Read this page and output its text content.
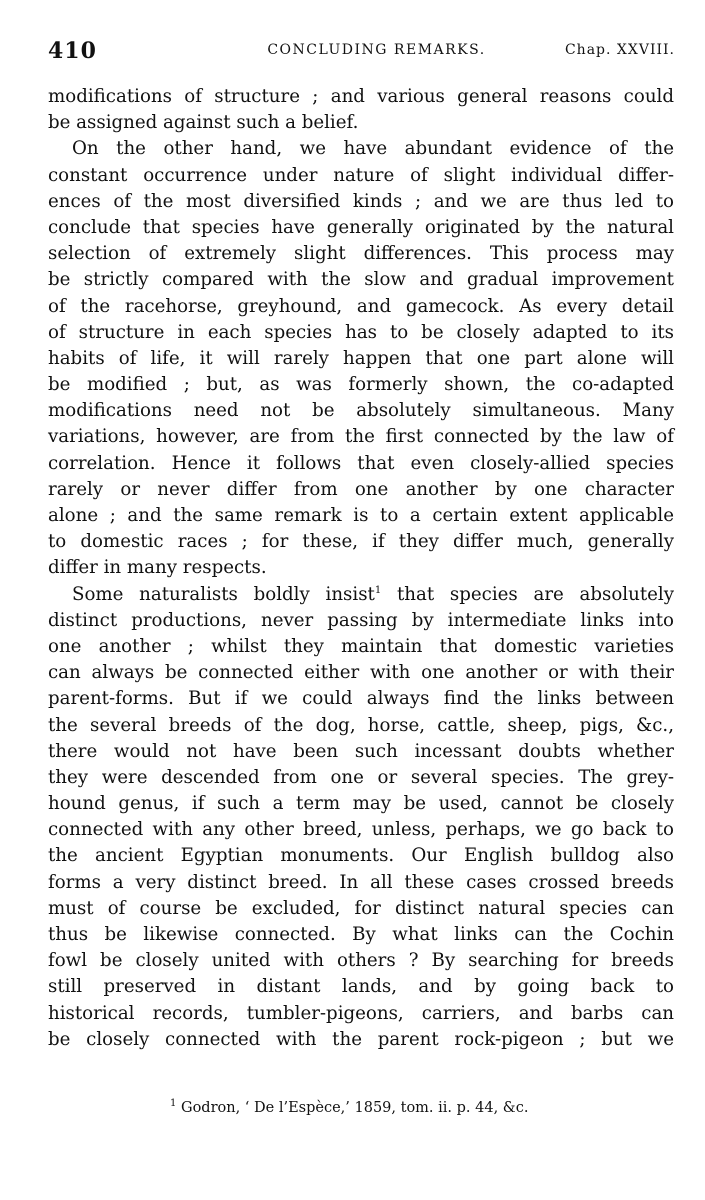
410	CONCLUDING REMARKS.	Chap. XXVIII.
modifications of structure ; and various general reasons could
be assigned against such a belief.
On the other hand, we have abundant evidence of the
constant occurrence under nature of slight individual differ-
ences of the most diversified kinds ; and we are thus led to
conclude that species have generally originated by the natural
selection of extremely slight differences. This process may
be strictly compared with the slow and gradual improvement
of the racehorse, greyhound, and gamecock. As every detail
of structure in each species has to be closely adapted to its
habits of life, it will rarely happen that one part alone will
be modified ; but, as was formerly shown, the co-adapted
modifications need not be absolutely simultaneous. Many
variations, however, are from the first connected by the law of
correlation. Hence it follows that even closely-allied species
rarely or never differ from one another by one character
alone ; and the same remark is to a certain extent applicable
to domestic races ; for these, if they differ much, generally
differ in many respects.
Some naturalists boldly insist$^1$ that species are absolutely
distinct productions, never passing by intermediate links into
one another ; whilst they maintain that domestic varieties
can always be connected either with one another or with their
parent-forms. But if we could always find the links between
the several breeds of the dog, horse, cattle, sheep, pigs, &c.,
there would not have been such incessant doubts whether
they were descended from one or several species. The grey-
hound genus, if such a term may be used, cannot be closely
connected with any other breed, unless, perhaps, we go back to
the ancient Egyptian monuments. Our English bulldog also
forms a very distinct breed. In all these cases crossed breeds
must of course be excluded, for distinct natural species can
thus be likewise connected. By what links can the Cochin
fowl be closely united with others ? By searching for breeds
still preserved in distant lands, and by going back to
historical records, tumbler-pigeons, carriers, and barbs can
be closely connected with the parent rock-pigeon ; but we
$^1$ Godron, ‘ De l’Espèce,’ 1859, tom. ii. p. 44, &c.
